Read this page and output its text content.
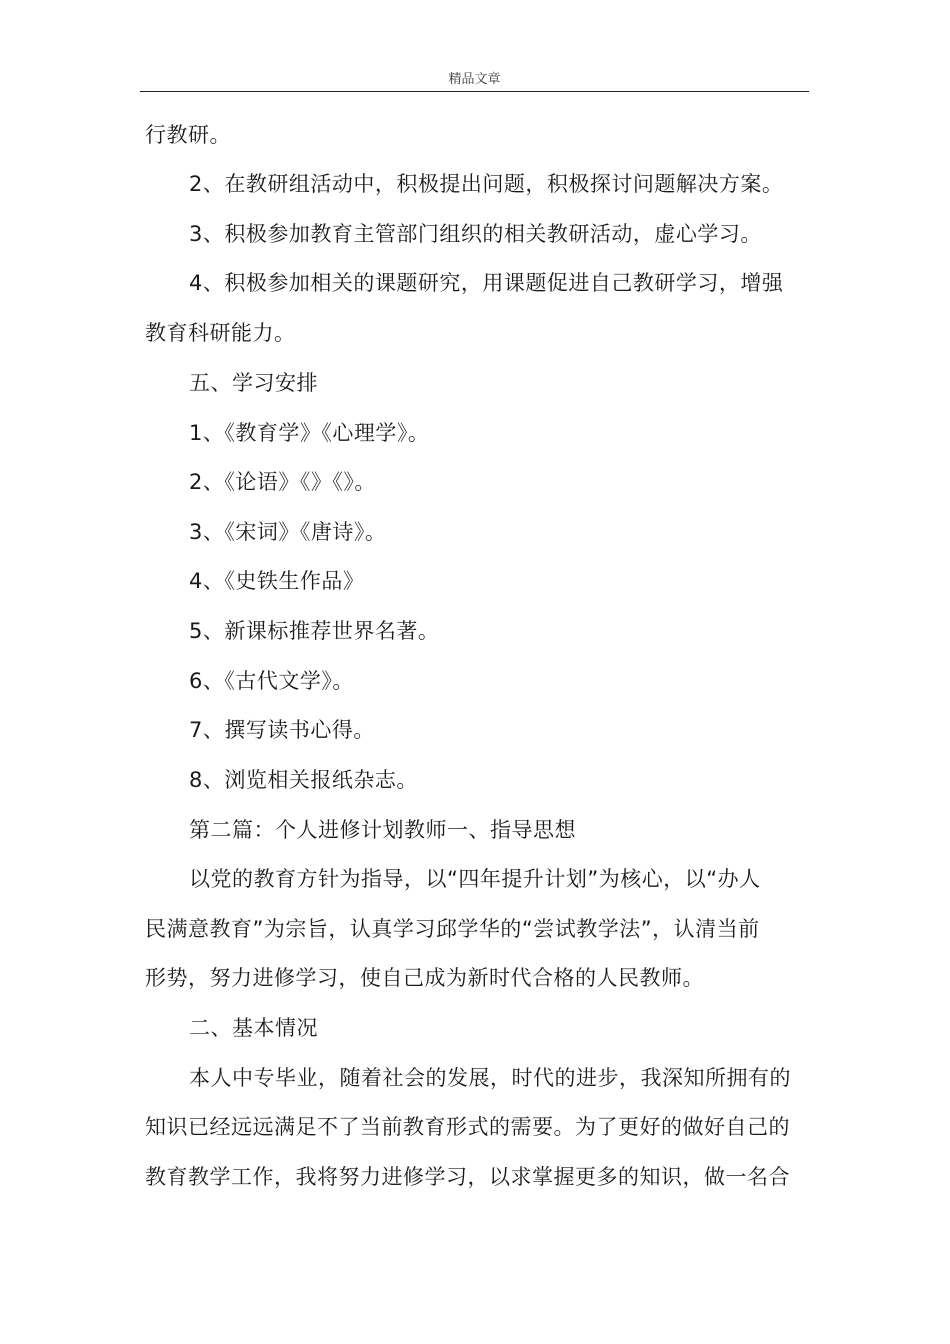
精品文章
行教研。
2、在教研组活动中，积极提出问题，积极探讨问题解决方案。
3、积极参加教育主管部门组织的相关教研活动，虚心学习。
4、积极参加相关的课题研究，用课题促进自己教研学习，增强
教育科研能力。
五、学习安排
1、《教育学》《心理学》。
2、《论语》《》《》。
3、《宋词》《唐诗》。
4、《史铁生作品》
5、新课标推荐世界名著。
6、《古代文学》。
7、撰写读书心得。
8、浏览相关报纸杂志。
第二篇：个人进修计划教师一、指导思想
以党的教育方针为指导，以“四年提升计划”为核心，以“办人
民满意教育”为宗旨，认真学习邱学华的“尝试教学法”，认清当前
形势，努力进修学习，使自己成为新时代合格的人民教师。
二、基本情况
本人中专毕业，随着社会的发展，时代的进步，我深知所拥有的
知识已经远远满足不了当前教育形式的需要。为了更好的做好自己的
教育教学工作，我将努力进修学习，以求掌握更多的知识，做一名合
